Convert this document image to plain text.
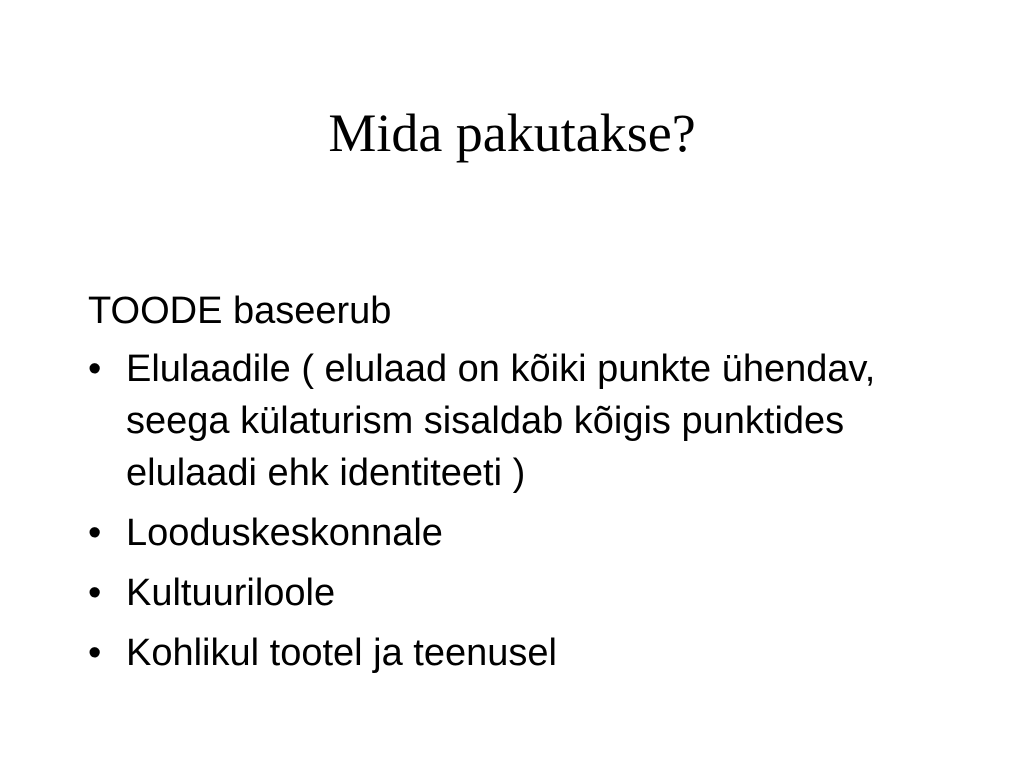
Mida pakutakse?

TOODE baseerub

• Elulaadile ( elulaad on kõiki punkte ühendav, seega külaturism sisaldab kõigis punktides elulaadi ehk identiteeti )
• Looduskeskonnale
• Kultuuriloole
• Kohlikul tootel ja teenusel
